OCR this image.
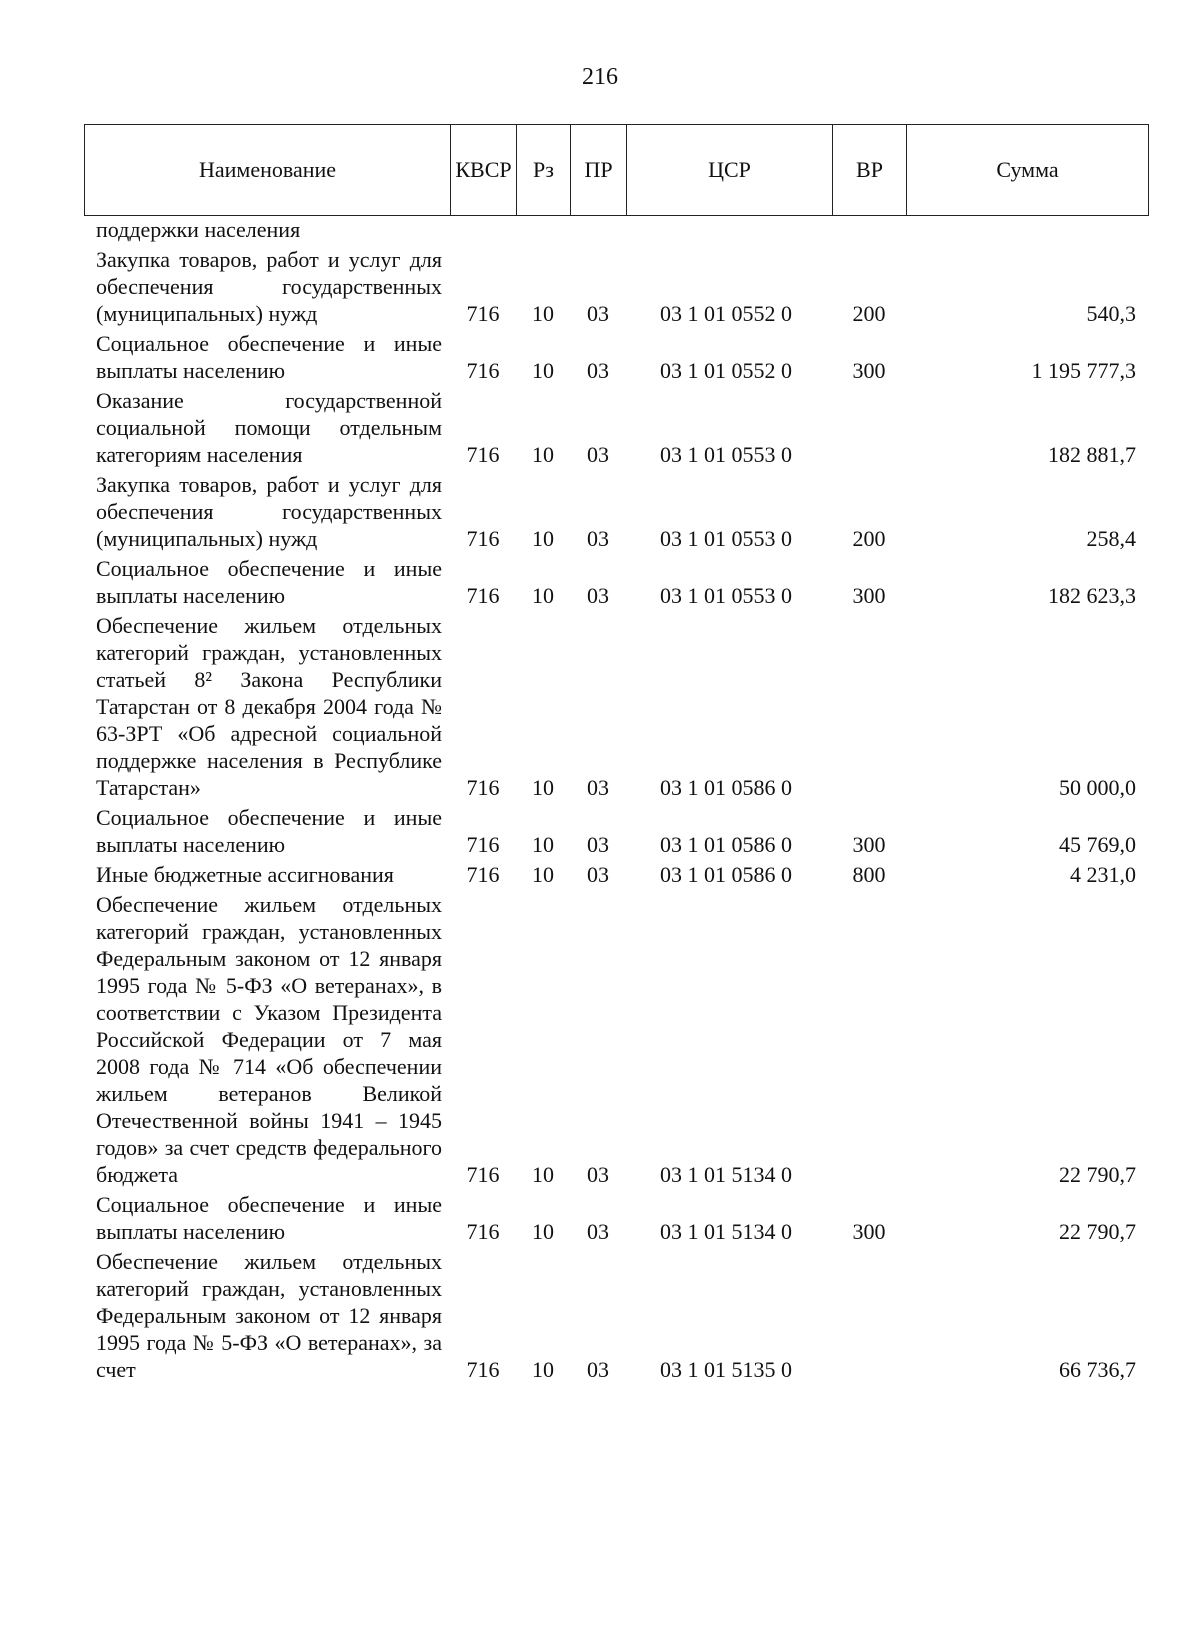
216
Наименование	КВСР	Рз	ПР	ЦСР	ВР	Сумма
поддержки населения						
Закупка товаров, работ и услуг для обеспечения государственных (муниципальных) нужд	716	10	03	03 1 01 0552 0	200	540,3
Социальное обеспечение и иные выплаты населению	716	10	03	03 1 01 0552 0	300	1 195 777,3
Оказание государственной социальной помощи отдельным категориям населения	716	10	03	03 1 01 0553 0		182 881,7
Закупка товаров, работ и услуг для обеспечения государственных (муниципальных) нужд	716	10	03	03 1 01 0553 0	200	258,4
Социальное обеспечение и иные выплаты населению	716	10	03	03 1 01 0553 0	300	182 623,3
Обеспечение жильем отдельных категорий граждан, установленных статьей 8² Закона Республики Татарстан от 8 декабря 2004 года № 63-ЗРТ «Об адресной социальной поддержке населения в Республике Татарстан»	716	10	03	03 1 01 0586 0		50 000,0
Социальное обеспечение и иные выплаты населению	716	10	03	03 1 01 0586 0	300	45 769,0
Иные бюджетные ассигнования	716	10	03	03 1 01 0586 0	800	4 231,0
Обеспечение жильем отдельных категорий граждан, установленных Федеральным законом от 12 января 1995 года № 5-ФЗ «О ветеранах», в соответствии с Указом Президента Российской Федерации от 7 мая 2008 года № 714 «Об обеспечении жильем ветеранов Великой Отечественной войны 1941 – 1945 годов» за счет средств федерального бюджета	716	10	03	03 1 01 5134 0		22 790,7
Социальное обеспечение и иные выплаты населению	716	10	03	03 1 01 5134 0	300	22 790,7
Обеспечение жильем отдельных категорий граждан, установленных Федеральным законом от 12 января 1995 года № 5-ФЗ «О ветеранах», за счет	716	10	03	03 1 01 5135 0		66 736,7
